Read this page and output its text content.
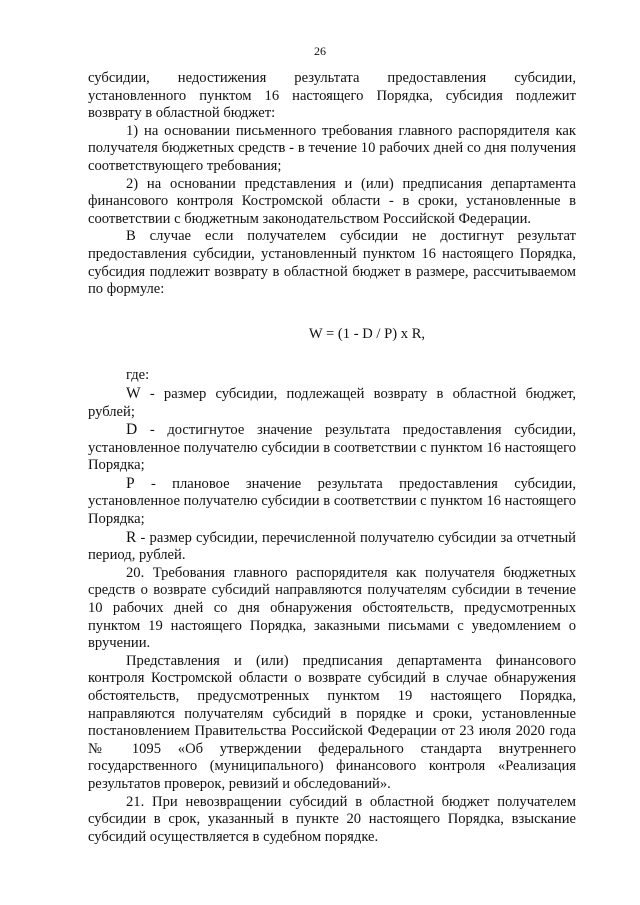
26

субсидии, недостижения результата предоставления субсидии, установленного пунктом 16 настоящего Порядка, субсидия подлежит возврату в областной бюджет:

1) на основании письменного требования главного распорядителя как получателя бюджетных средств - в течение 10 рабочих дней со дня получения соответствующего требования;

2) на основании представления и (или) предписания департамента финансового контроля Костромской области - в сроки, установленные в соответствии с бюджетным законодательством Российской Федерации.

В случае если получателем субсидии не достигнут результат предоставления субсидии, установленный пунктом 16 настоящего Порядка, субсидия подлежит возврату в областной бюджет в размере, рассчитываемом по формуле:

W = (1 - D / P) x R,

где:

W - размер субсидии, подлежащей возврату в областной бюджет, рублей;

D - достигнутое значение результата предоставления субсидии, установленное получателю субсидии в соответствии с пунктом 16 настоящего Порядка;

P - плановое значение результата предоставления субсидии, установленное получателю субсидии в соответствии с пунктом 16 настоящего Порядка;

R - размер субсидии, перечисленной получателю субсидии за отчетный период, рублей.

20. Требования главного распорядителя как получателя бюджетных средств о возврате субсидий направляются получателям субсидии в течение 10 рабочих дней со дня обнаружения обстоятельств, предусмотренных пунктом 19 настоящего Порядка, заказными письмами с уведомлением о вручении.

Представления и (или) предписания департамента финансового контроля Костромской области о возврате субсидий в случае обнаружения обстоятельств, предусмотренных пунктом 19 настоящего Порядка, направляются получателям субсидий в порядке и сроки, установленные постановлением Правительства Российской Федерации от 23 июля 2020 года № 1095 «Об утверждении федерального стандарта внутреннего государственного (муниципального) финансового контроля «Реализация результатов проверок, ревизий и обследований».

21. При невозвращении субсидий в областной бюджет получателем субсидии в срок, указанный в пункте 20 настоящего Порядка, взыскание субсидий осуществляется в судебном порядке.
